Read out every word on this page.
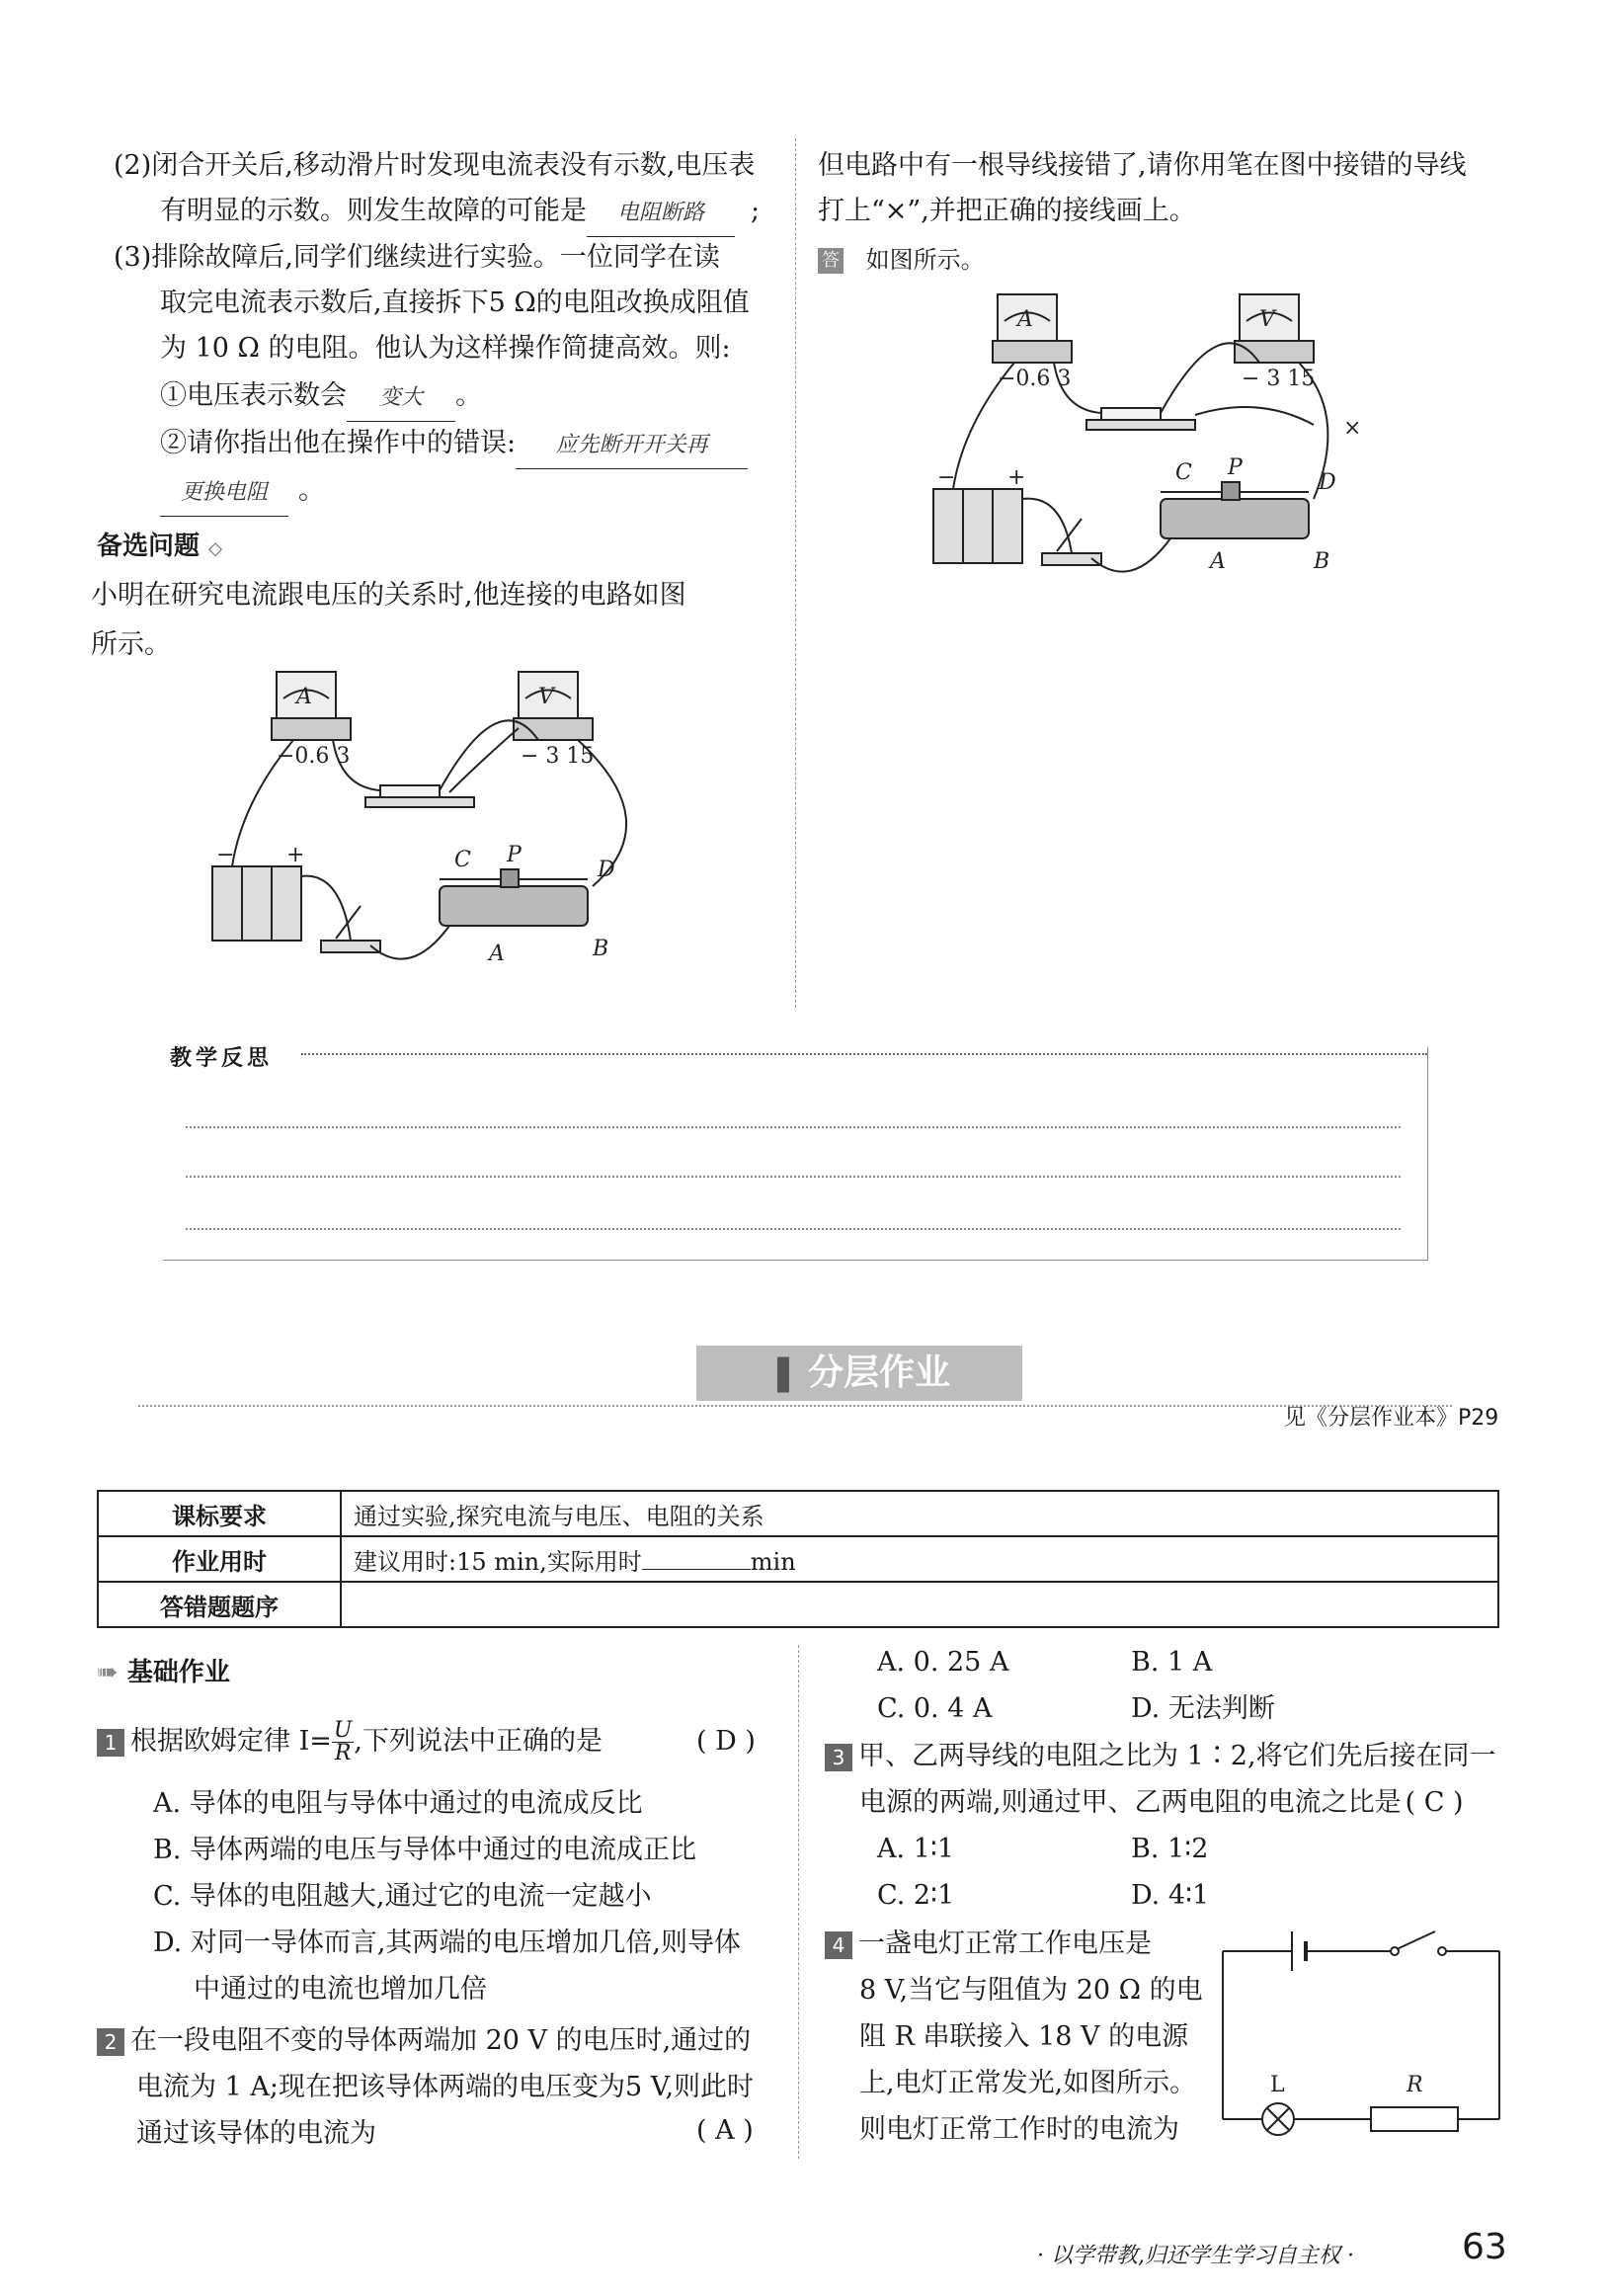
(2)闭合开关后,移动滑片时发现电流表没有示数,电压表
有明显的示数。则发生故障的可能是 电阻断路 ;
(3)排除故障后,同学们继续进行实验。一位同学在读
取完电流表示数后,直接拆下5 Ω的电阻改换成阻值
为 10 Ω 的电阻。他认为这样操作简捷高效。则:
①电压表示数会 变大 。
②请你指出他在操作中的错误: 应先断开开关再
更换电阻 。
备选问题 ◇
小明在研究电流跟电压的关系时,他连接的电路如图
所示。
A
−0.6 3
V
− 3 15
C P
D
A	B
− +
但电路中有一根导线接错了,请你用笔在图中接错的导线
打上“×”,并把正确的接线画上。
答 如图所示。
A
−0.6 3
V
− 3 15
C P
D
A	B
− +
×
教学反思
❚ 分层作业
见《分层作业本》P29
课标要求	通过实验,探究电流与电压、电阻的关系
作业用时	建议用时:15 min,实际用时 min
答错题题序	
➠ 基础作业
1 根据欧姆定律 $I= \frac{U}{R}$ ,下列说法中正确的是	( D )
A. 导体的电阻与导体中通过的电流成反比
B. 导体两端的电压与导体中通过的电流成正比
C. 导体的电阻越大,通过它的电流一定越小
D. 对同一导体而言,其两端的电压增加几倍,则导体
中通过的电流也增加几倍
2 在一段电阻不变的导体两端加 20 V 的电压时,通过的
电流为 1 A;现在把该导体两端的电压变为5 V,则此时
通过该导体的电流为	( A )
A. 0. 25 A	B. 1 A
C. 0. 4 A	D. 无法判断
3 甲、乙两导线的电阻之比为 1∶2,将它们先后接在同一
电源的两端,则通过甲、乙两电阻的电流之比是 ( C )
A. 1∶1	B. 1∶2
C. 2∶1	D. 4∶1
4 一盏电灯正常工作电压是
8 V,当它与阻值为 20 Ω 的电
阻 R 串联接入 18 V 的电源
上,电灯正常发光,如图所示。
则电灯正常工作时的电流为
L	R
· 以学带教,归还学生学习自主权 ·	63
